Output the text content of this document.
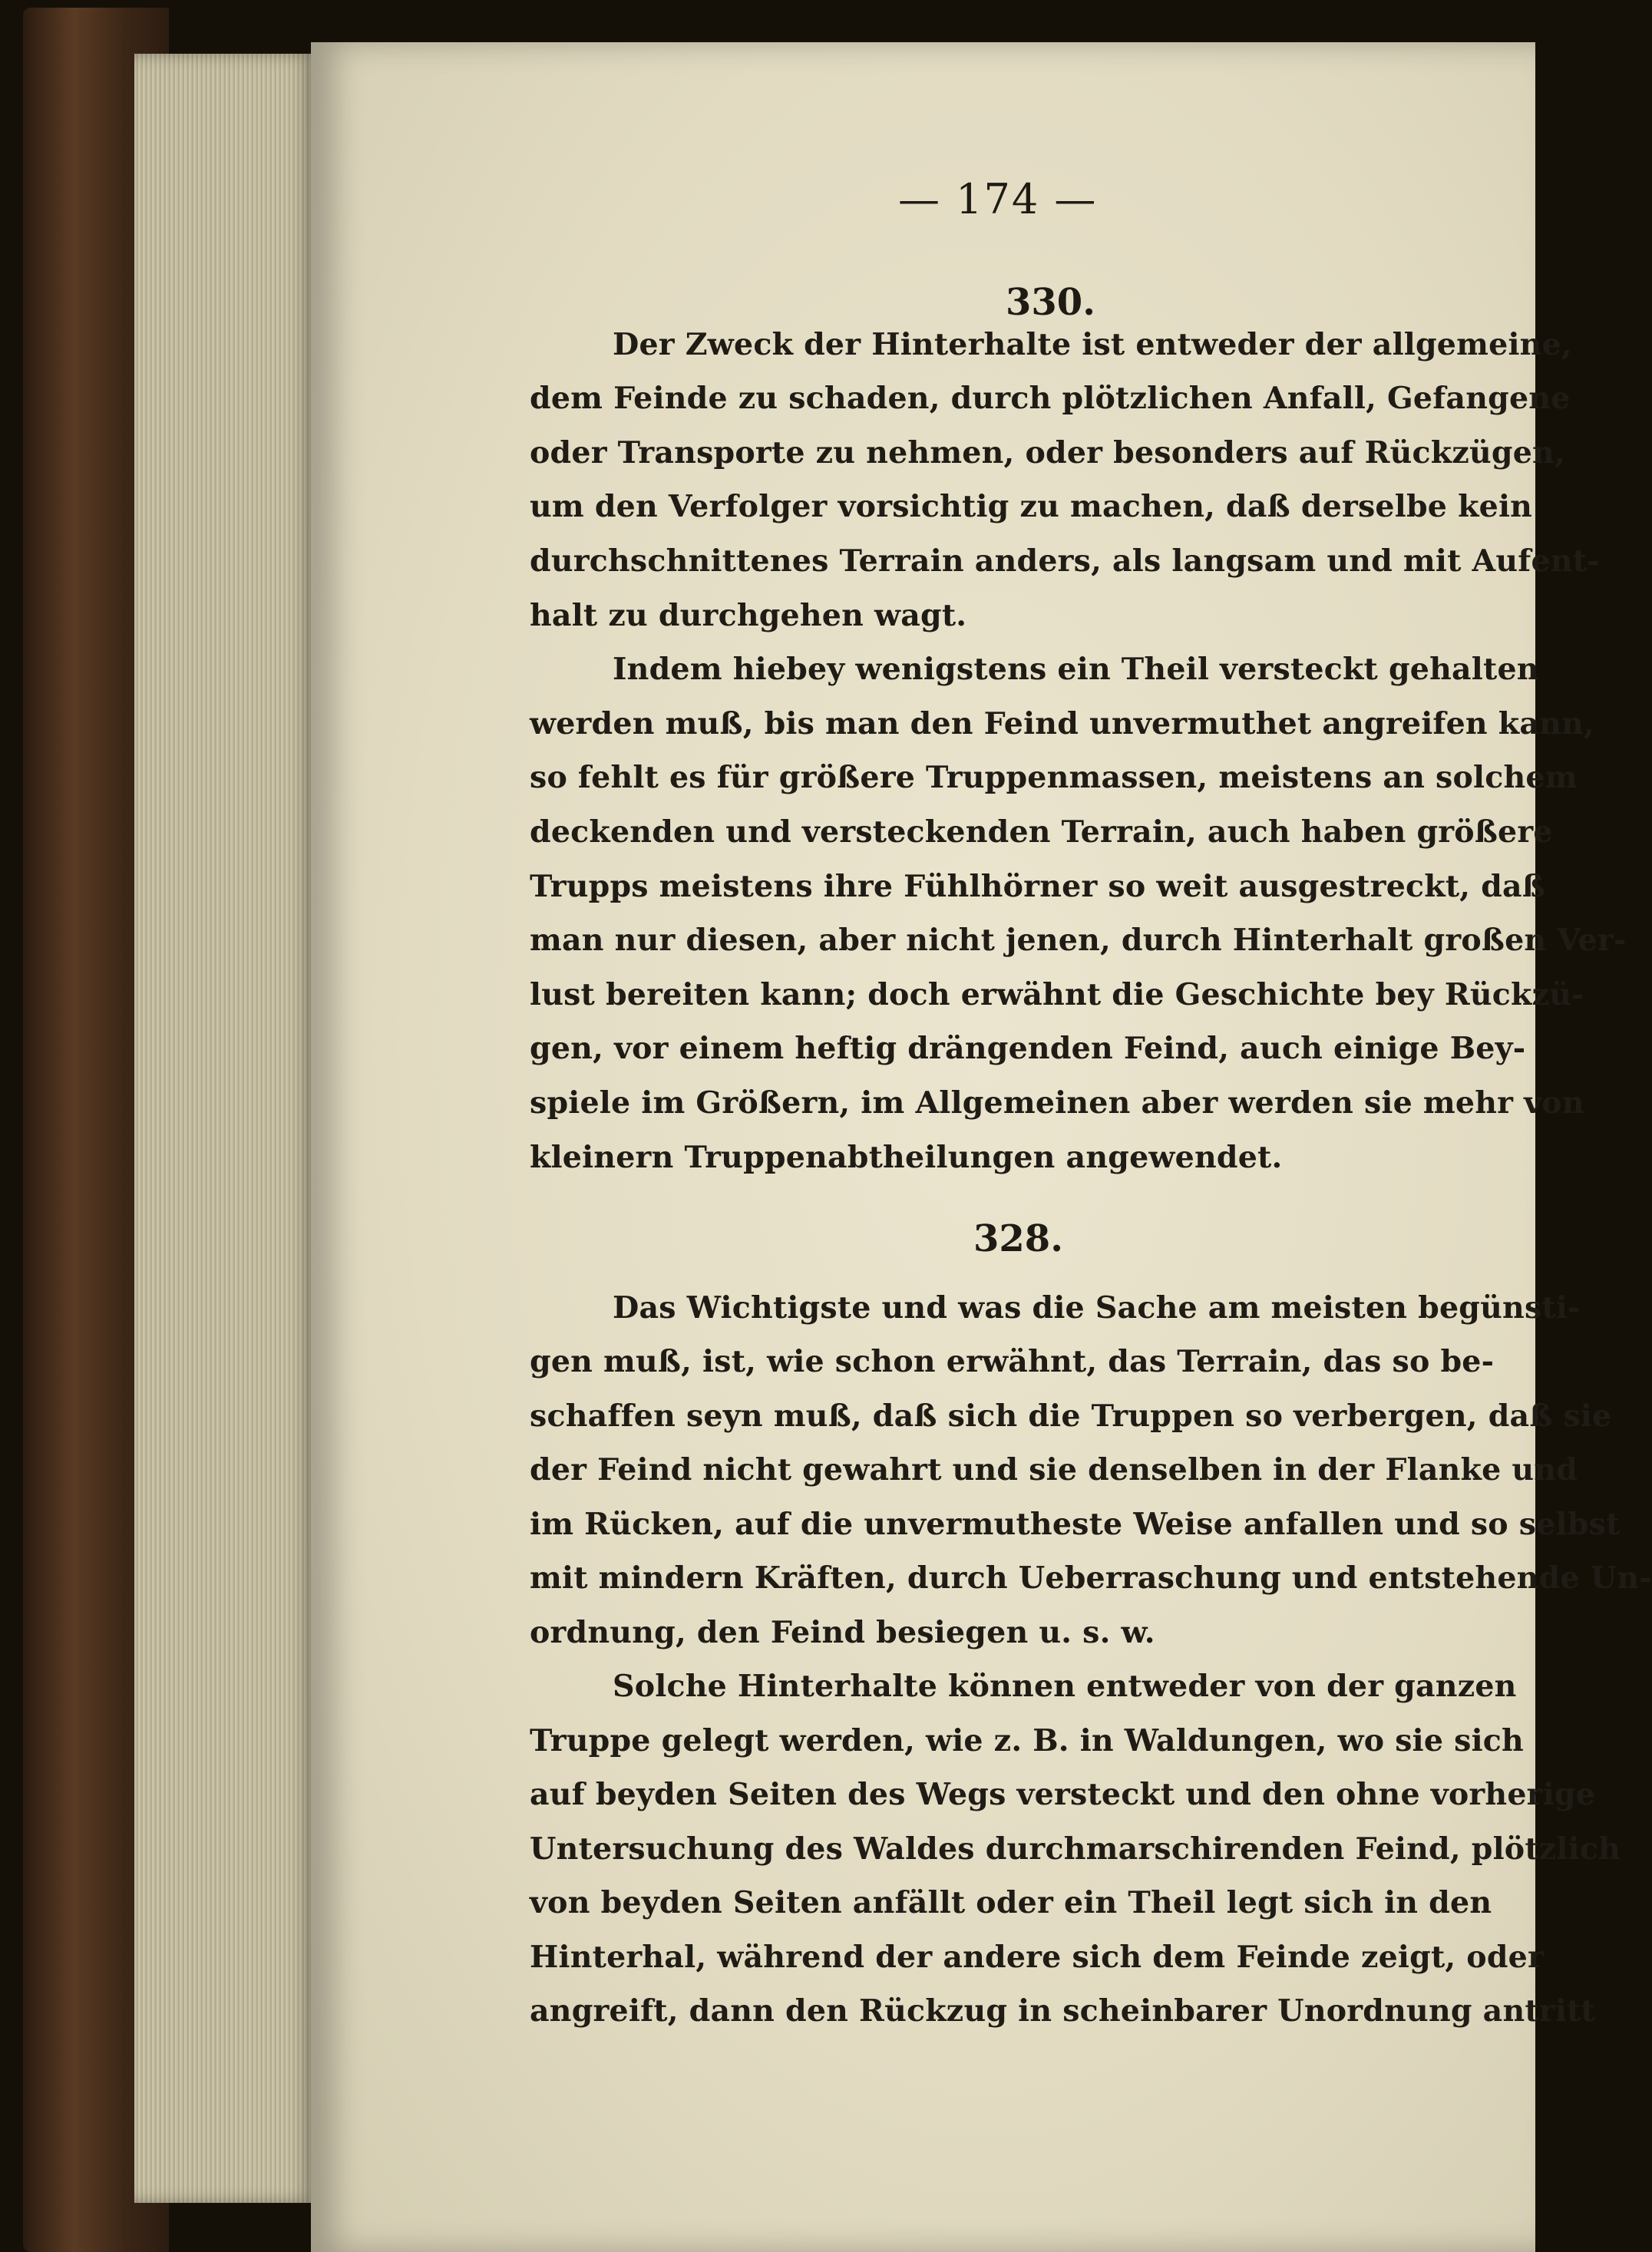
— 174 —
330.
Der Zweck der Hinterhalte ist entweder der allgemeine,
dem Feinde zu schaden, durch plötzlichen Anfall, Gefangene
oder Transporte zu nehmen, oder besonders auf Rückzügen,
um den Verfolger vorsichtig zu machen, daß derselbe kein
durchschnittenes Terrain anders, als langsam und mit Aufent-
halt zu durchgehen wagt.
Indem hiebey wenigstens ein Theil versteckt gehalten
werden muß, bis man den Feind unvermuthet angreifen kann,
so fehlt es für größere Truppenmassen, meistens an solchem
deckenden und versteckenden Terrain, auch haben größere
Trupps meistens ihre Fühlhörner so weit ausgestreckt, daß
man nur diesen, aber nicht jenen, durch Hinterhalt großen Ver-
lust bereiten kann; doch erwähnt die Geschichte bey Rückzü-
gen, vor einem heftig drängenden Feind, auch einige Bey-
spiele im Größern, im Allgemeinen aber werden sie mehr von
kleinern Truppenabtheilungen angewendet.
328.
Das Wichtigste und was die Sache am meisten begünsti-
gen muß, ist, wie schon erwähnt, das Terrain, das so be-
schaffen seyn muß, daß sich die Truppen so verbergen, daß sie
der Feind nicht gewahrt und sie denselben in der Flanke und
im Rücken, auf die unvermutheste Weise anfallen und so selbst
mit mindern Kräften, durch Ueberraschung und entstehende Un-
ordnung, den Feind besiegen u. s. w.
Solche Hinterhalte können entweder von der ganzen
Truppe gelegt werden, wie z. B. in Waldungen, wo sie sich
auf beyden Seiten des Wegs versteckt und den ohne vorherige
Untersuchung des Waldes durchmarschirenden Feind, plötzlich
von beyden Seiten anfällt oder ein Theil legt sich in den
Hinterhal, während der andere sich dem Feinde zeigt, oder
angreift, dann den Rückzug in scheinbarer Unordnung antritt
